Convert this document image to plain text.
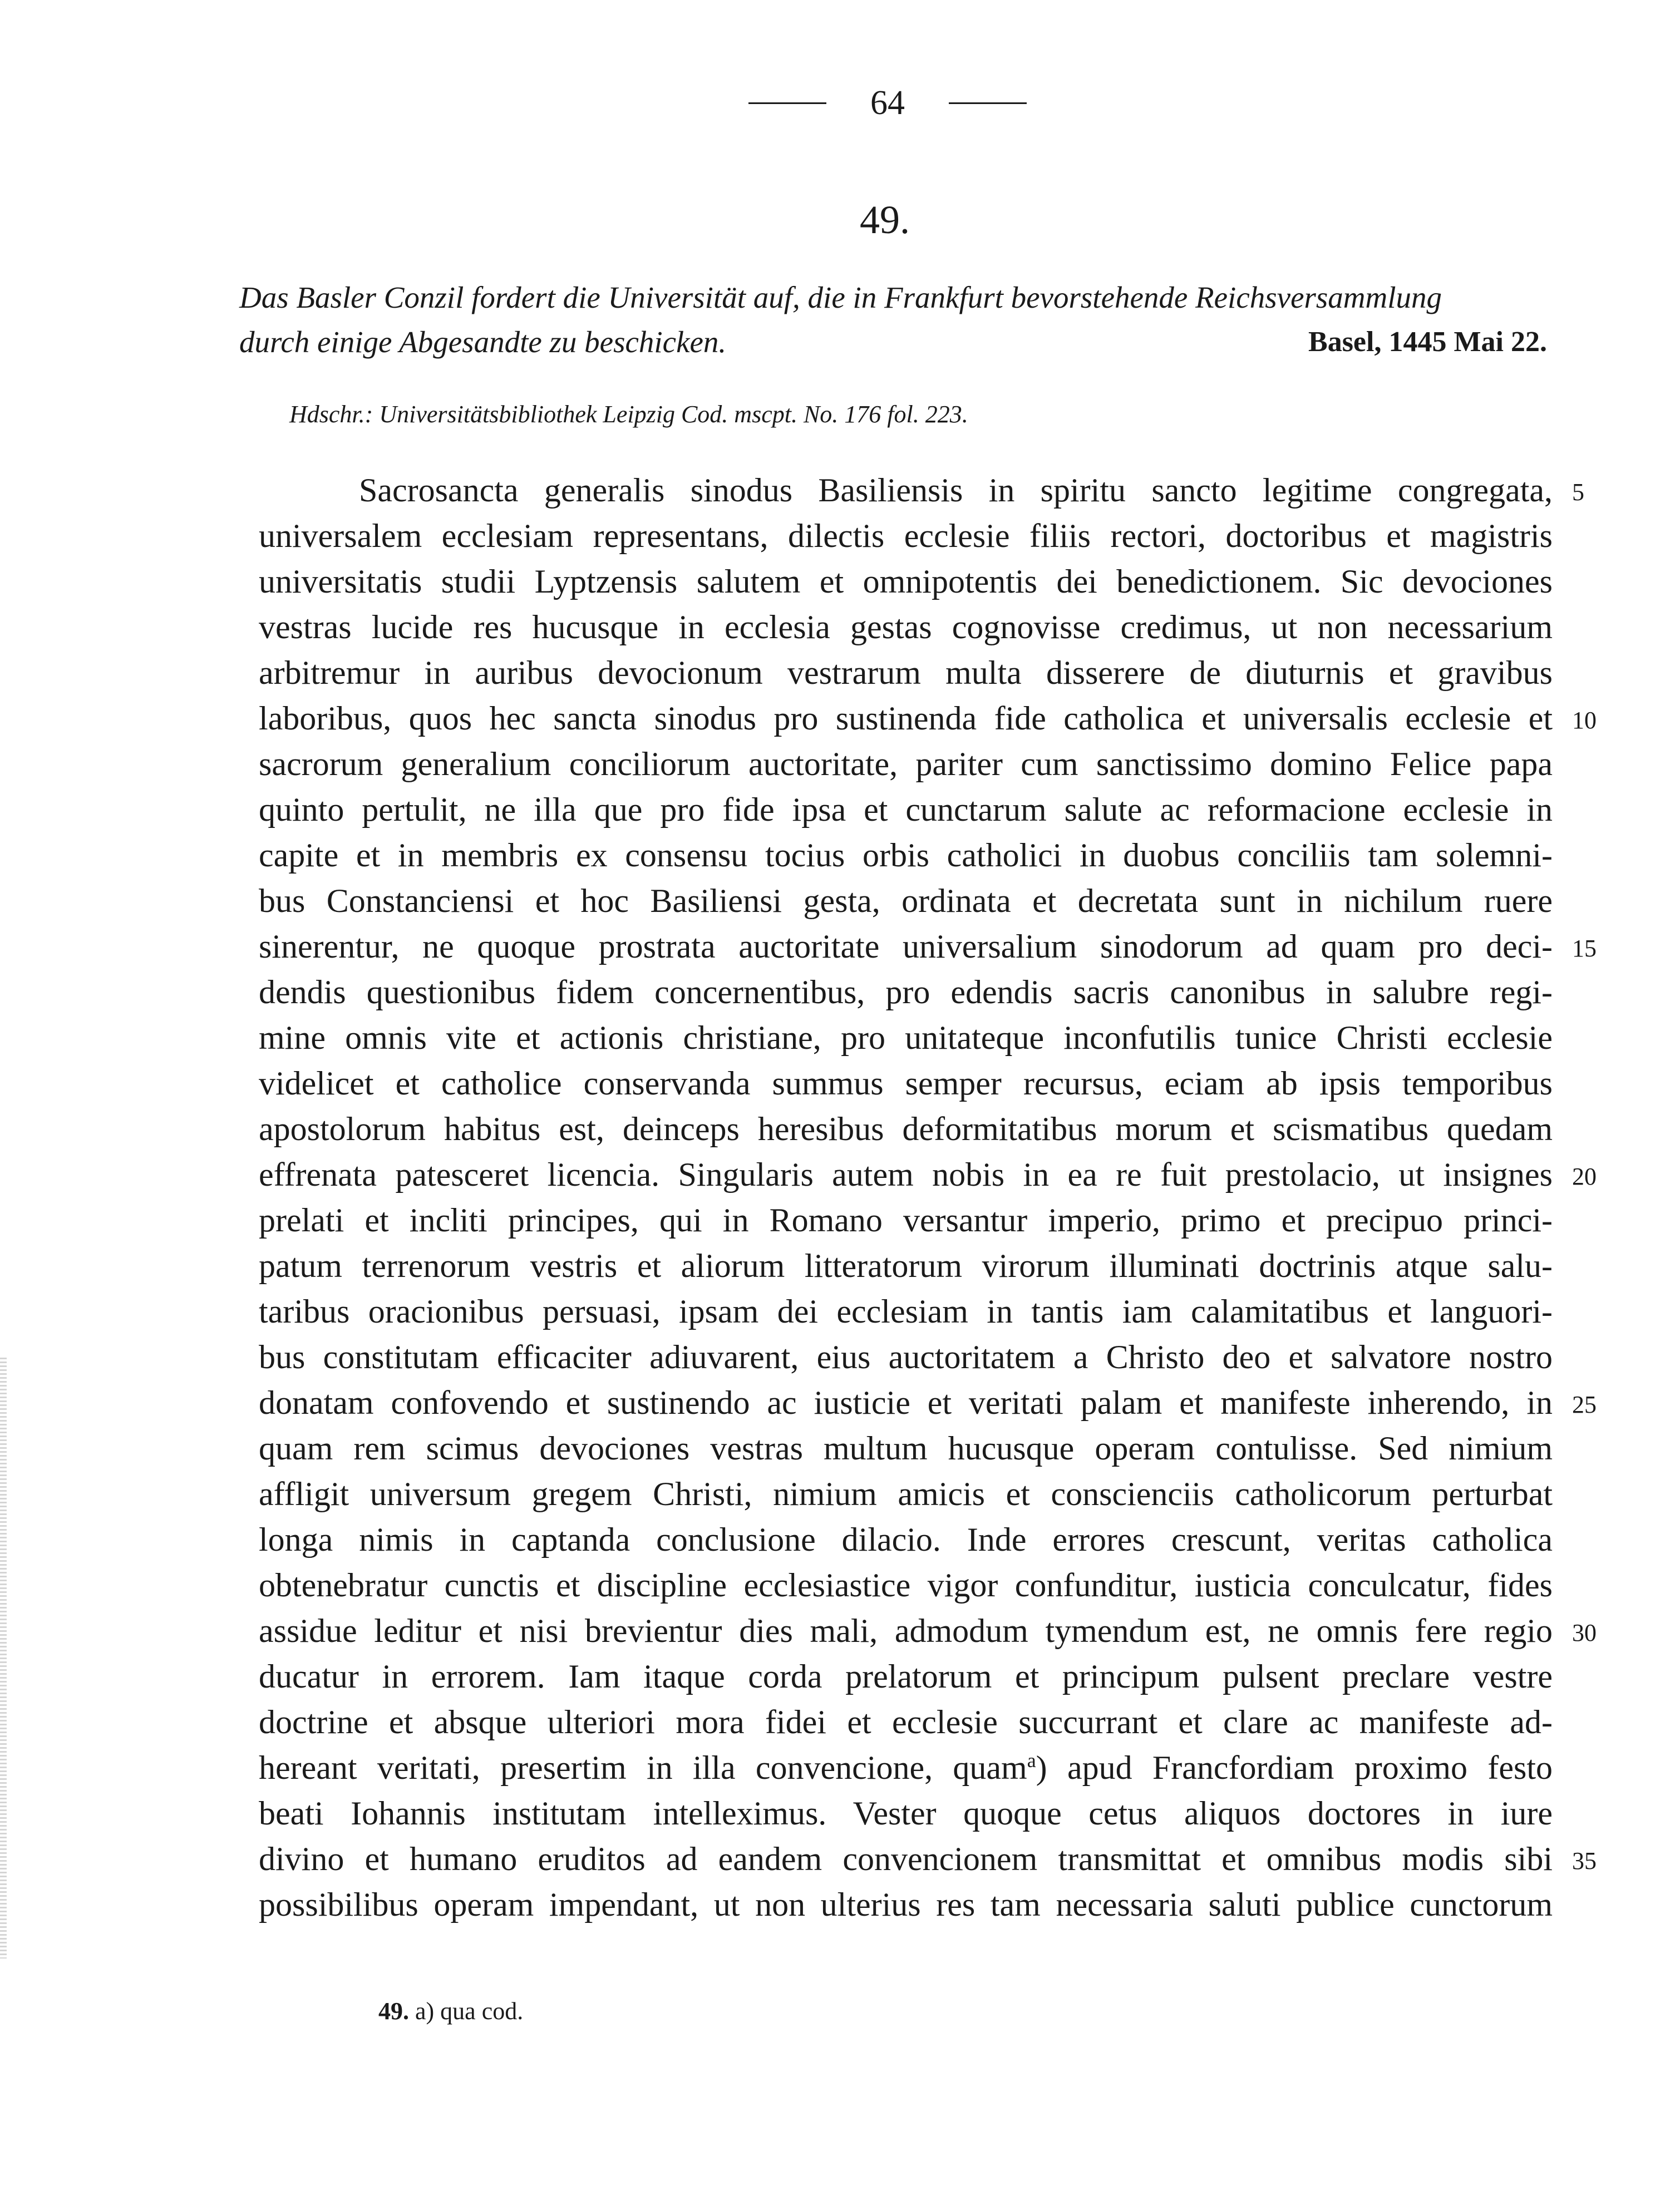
64
49.
Das Basler Conzil fordert die Universität auf, die in Frankfurt bevorstehende Reichsversammlung
durch einige Abgesandte zu beschicken.	Basel, 1445 Mai 22.
Hdschr.: Universitätsbibliothek Leipzig Cod. mscpt. No. 176 fol. 223.
Sacrosancta generalis sinodus Basiliensis in spiritu sancto legitime congregata, 5
universalem ecclesiam representans, dilectis ecclesie filiis rectori, doctoribus et magistris
universitatis studii Lyptzensis salutem et omnipotentis dei benedictionem. Sic devociones
vestras lucide res hucusque in ecclesia gestas cognovisse credimus, ut non necessarium
arbitremur in auribus devocionum vestrarum multa disserere de diuturnis et gravibus
laboribus, quos hec sancta sinodus pro sustinenda fide catholica et universalis ecclesie et 10
sacrorum generalium conciliorum auctoritate, pariter cum sanctissimo domino Felice papa
quinto pertulit, ne illa que pro fide ipsa et cunctarum salute ac reformacione ecclesie in
capite et in membris ex consensu tocius orbis catholici in duobus conciliis tam solemni-
bus Constanciensi et hoc Basiliensi gesta, ordinata et decretata sunt in nichilum ruere
sinerentur, ne quoque prostrata auctoritate universalium sinodorum ad quam pro deci- 15
dendis questionibus fidem concernentibus, pro edendis sacris canonibus in salubre regi-
mine omnis vite et actionis christiane, pro unitateque inconfutilis tunice Christi ecclesie
videlicet et catholice conservanda summus semper recursus, eciam ab ipsis temporibus
apostolorum habitus est, deinceps heresibus deformitatibus morum et scismatibus quedam
effrenata patesceret licencia. Singularis autem nobis in ea re fuit prestolacio, ut insignes 20
prelati et incliti principes, qui in Romano versantur imperio, primo et precipuo princi-
patum terrenorum vestris et aliorum litteratorum virorum illuminati doctrinis atque salu-
taribus oracionibus persuasi, ipsam dei ecclesiam in tantis iam calamitatibus et languori-
bus constitutam efficaciter adiuvarent, eius auctoritatem a Christo deo et salvatore nostro
donatam confovendo et sustinendo ac iusticie et veritati palam et manifeste inherendo, in 25
quam rem scimus devociones vestras multum hucusque operam contulisse. Sed nimium
affligit universum gregem Christi, nimium amicis et conscienciis catholicorum perturbat
longa nimis in captanda conclusione dilacio. Inde errores crescunt, veritas catholica
obtenebratur cunctis et discipline ecclesiastice vigor confunditur, iusticia conculcatur, fides
assidue leditur et nisi brevientur dies mali, admodum tymendum est, ne omnis fere regio 30
ducatur in errorem. Iam itaque corda prelatorum et principum pulsent preclare vestre
doctrine et absque ulteriori mora fidei et ecclesie succurrant et clare ac manifeste ad-
hereant veritati, presertim in illa convencione, quam$^a$) apud Francfordiam proximo festo
beati Iohannis institutam intelleximus. Vester quoque cetus aliquos doctores in iure
divino et humano eruditos ad eandem convencionem transmittat et omnibus modis sibi 35
possibilibus operam impendant, ut non ulterius res tam necessaria saluti publice cunctorum
49. a) qua cod.
